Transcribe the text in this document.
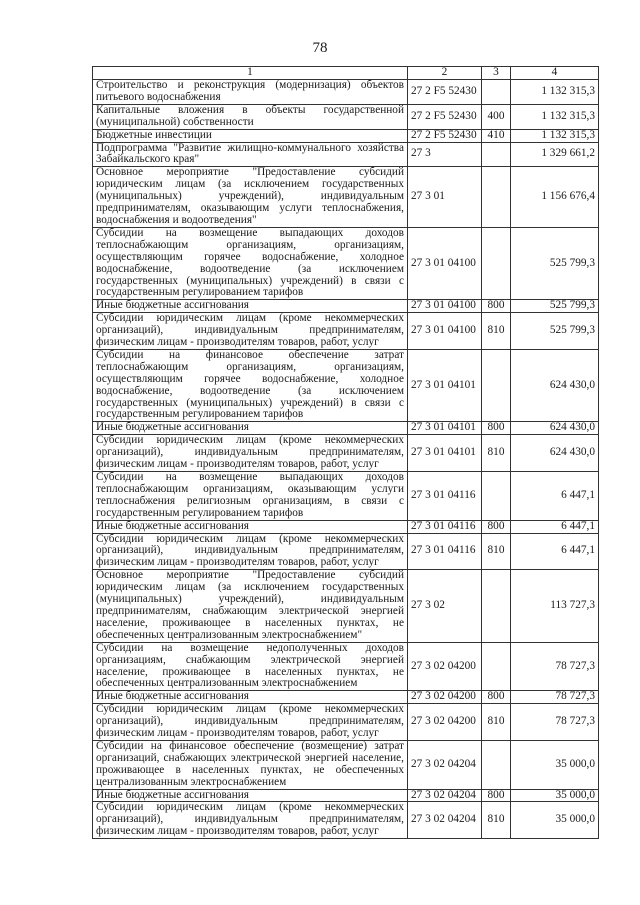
78
1	2	3	4
Строительство и реконструкция (модернизация) объектов питьевого водоснабжения	27 2 F5 52430		1 132 315,3
Капитальные вложения в объекты государственной (муниципальной) собственности	27 2 F5 52430	400	1 132 315,3
Бюджетные инвестиции	27 2 F5 52430	410	1 132 315,3
Подпрограмма "Развитие жилищно-коммунального хозяйства Забайкальского края"	27 3		1 329 661,2
Основное мероприятие "Предоставление субсидий юридическим лицам (за исключением государственных (муниципальных) учреждений), индивидуальным предпринимателям, оказывающим услуги теплоснабжения, водоснабжения и водоотведения"	27 3 01		1 156 676,4
Субсидии на возмещение выпадающих доходов теплоснабжающим организациям, организациям, осуществляющим горячее водоснабжение, холодное водоснабжение, водоотведение (за исключением государственных (муниципальных) учреждений) в связи с государственным регулированием тарифов	27 3 01 04100		525 799,3
Иные бюджетные ассигнования	27 3 01 04100	800	525 799,3
Субсидии юридическим лицам (кроме некоммерческих организаций), индивидуальным предпринимателям, физическим лицам - производителям товаров, работ, услуг	27 3 01 04100	810	525 799,3
Субсидии на финансовое обеспечение затрат теплоснабжающим организациям, организациям, осуществляющим горячее водоснабжение, холодное водоснабжение, водоотведение (за исключением государственных (муниципальных) учреждений) в связи с государственным регулированием тарифов	27 3 01 04101		624 430,0
Иные бюджетные ассигнования	27 3 01 04101	800	624 430,0
Субсидии юридическим лицам (кроме некоммерческих организаций), индивидуальным предпринимателям, физическим лицам - производителям товаров, работ, услуг	27 3 01 04101	810	624 430,0
Субсидии на возмещение выпадающих доходов теплоснабжающим организациям, оказывающим услуги теплоснабжения религиозным организациям, в связи с государственным регулированием тарифов	27 3 01 04116		6 447,1
Иные бюджетные ассигнования	27 3 01 04116	800	6 447,1
Субсидии юридическим лицам (кроме некоммерческих организаций), индивидуальным предпринимателям, физическим лицам - производителям товаров, работ, услуг	27 3 01 04116	810	6 447,1
Основное мероприятие "Предоставление субсидий юридическим лицам (за исключением государственных (муниципальных) учреждений), индивидуальным предпринимателям, снабжающим электрической энергией население, проживающее в населенных пунктах, не обеспеченных централизованным электроснабжением"	27 3 02		113 727,3
Субсидии на возмещение недополученных доходов организациям, снабжающим электрической энергией население, проживающее в населенных пунктах, не обеспеченных централизованным электроснабжением	27 3 02 04200		78 727,3
Иные бюджетные ассигнования	27 3 02 04200	800	78 727,3
Субсидии юридическим лицам (кроме некоммерческих организаций), индивидуальным предпринимателям, физическим лицам - производителям товаров, работ, услуг	27 3 02 04200	810	78 727,3
Субсидии на финансовое обеспечение (возмещение) затрат организаций, снабжающих электрической энергией население, проживающее в населенных пунктах, не обеспеченных централизованным электроснабжением	27 3 02 04204		35 000,0
Иные бюджетные ассигнования	27 3 02 04204	800	35 000,0
Субсидии юридическим лицам (кроме некоммерческих организаций), индивидуальным предпринимателям, физическим лицам - производителям товаров, работ, услуг	27 3 02 04204	810	35 000,0
